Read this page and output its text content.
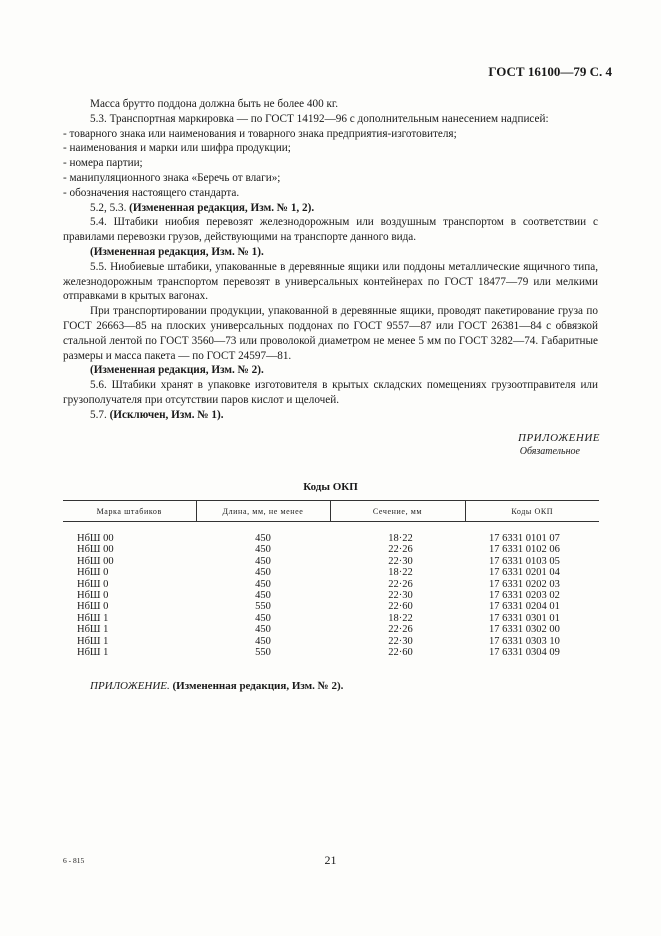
ГОСТ 16100—79 С. 4

Масса брутто поддона должна быть не более 400 кг.

5.3. Транспортная маркировка — по ГОСТ 14192—96 с дополнительным нанесением надписей:

- товарного знака или наименования и товарного знака предприятия-изготовителя;

- наименования и марки или шифра продукции;

- номера партии;

- манипуляционного знака «Беречь от влаги»;

- обозначения настоящего стандарта.

5.2, 5.3. (Измененная редакция, Изм. № 1, 2).

5.4. Штабики ниобия перевозят железнодорожным или воздушным транспортом в соответствии с правилами перевозки грузов, действующими на транспорте данного вида.

(Измененная редакция, Изм. № 1).

5.5. Ниобиевые штабики, упакованные в деревянные ящики или поддоны металлические ящичного типа, железнодорожным транспортом перевозят в универсальных контейнерах по ГОСТ 18477—79 или мелкими отправками в крытых вагонах.

При транспортировании продукции, упакованной в деревянные ящики, проводят пакетирование груза по ГОСТ 26663—85 на плоских универсальных поддонах по ГОСТ 9557—87 или ГОСТ 26381—84 с обвязкой стальной лентой по ГОСТ 3560—73 или проволокой диаметром не менее 5 мм по ГОСТ 3282—74. Габаритные размеры и масса пакета — по ГОСТ 24597—81.

(Измененная редакция, Изм. № 2).

5.6. Штабики хранят в упаковке изготовителя в крытых складских помещениях грузоотправителя или грузополучателя при отсутствии паров кислот и щелочей.

5.7. (Исключен, Изм. № 1).

ПРИЛОЖЕНИЕ
Обязательное
Коды ОКП
Марка штабиков	Длина, мм, не менее	Сечение, мм	Коды ОКП
НбШ 00	450	18·22	17 6331 0101 07
НбШ 00	450	22·26	17 6331 0102 06
НбШ 00	450	22·30	17 6331 0103 05
НбШ 0	450	18·22	17 6331 0201 04
НбШ 0	450	22·26	17 6331 0202 03
НбШ 0	450	22·30	17 6331 0203 02
НбШ 0	550	22·60	17 6331 0204 01
НбШ 1	450	18·22	17 6331 0301 01
НбШ 1	450	22·26	17 6331 0302 00
НбШ 1	450	22·30	17 6331 0303 10
НбШ 1	550	22·60	17 6331 0304 09
ПРИЛОЖЕНИЕ. (Измененная редакция, Изм. № 2).
6 - 815	21
